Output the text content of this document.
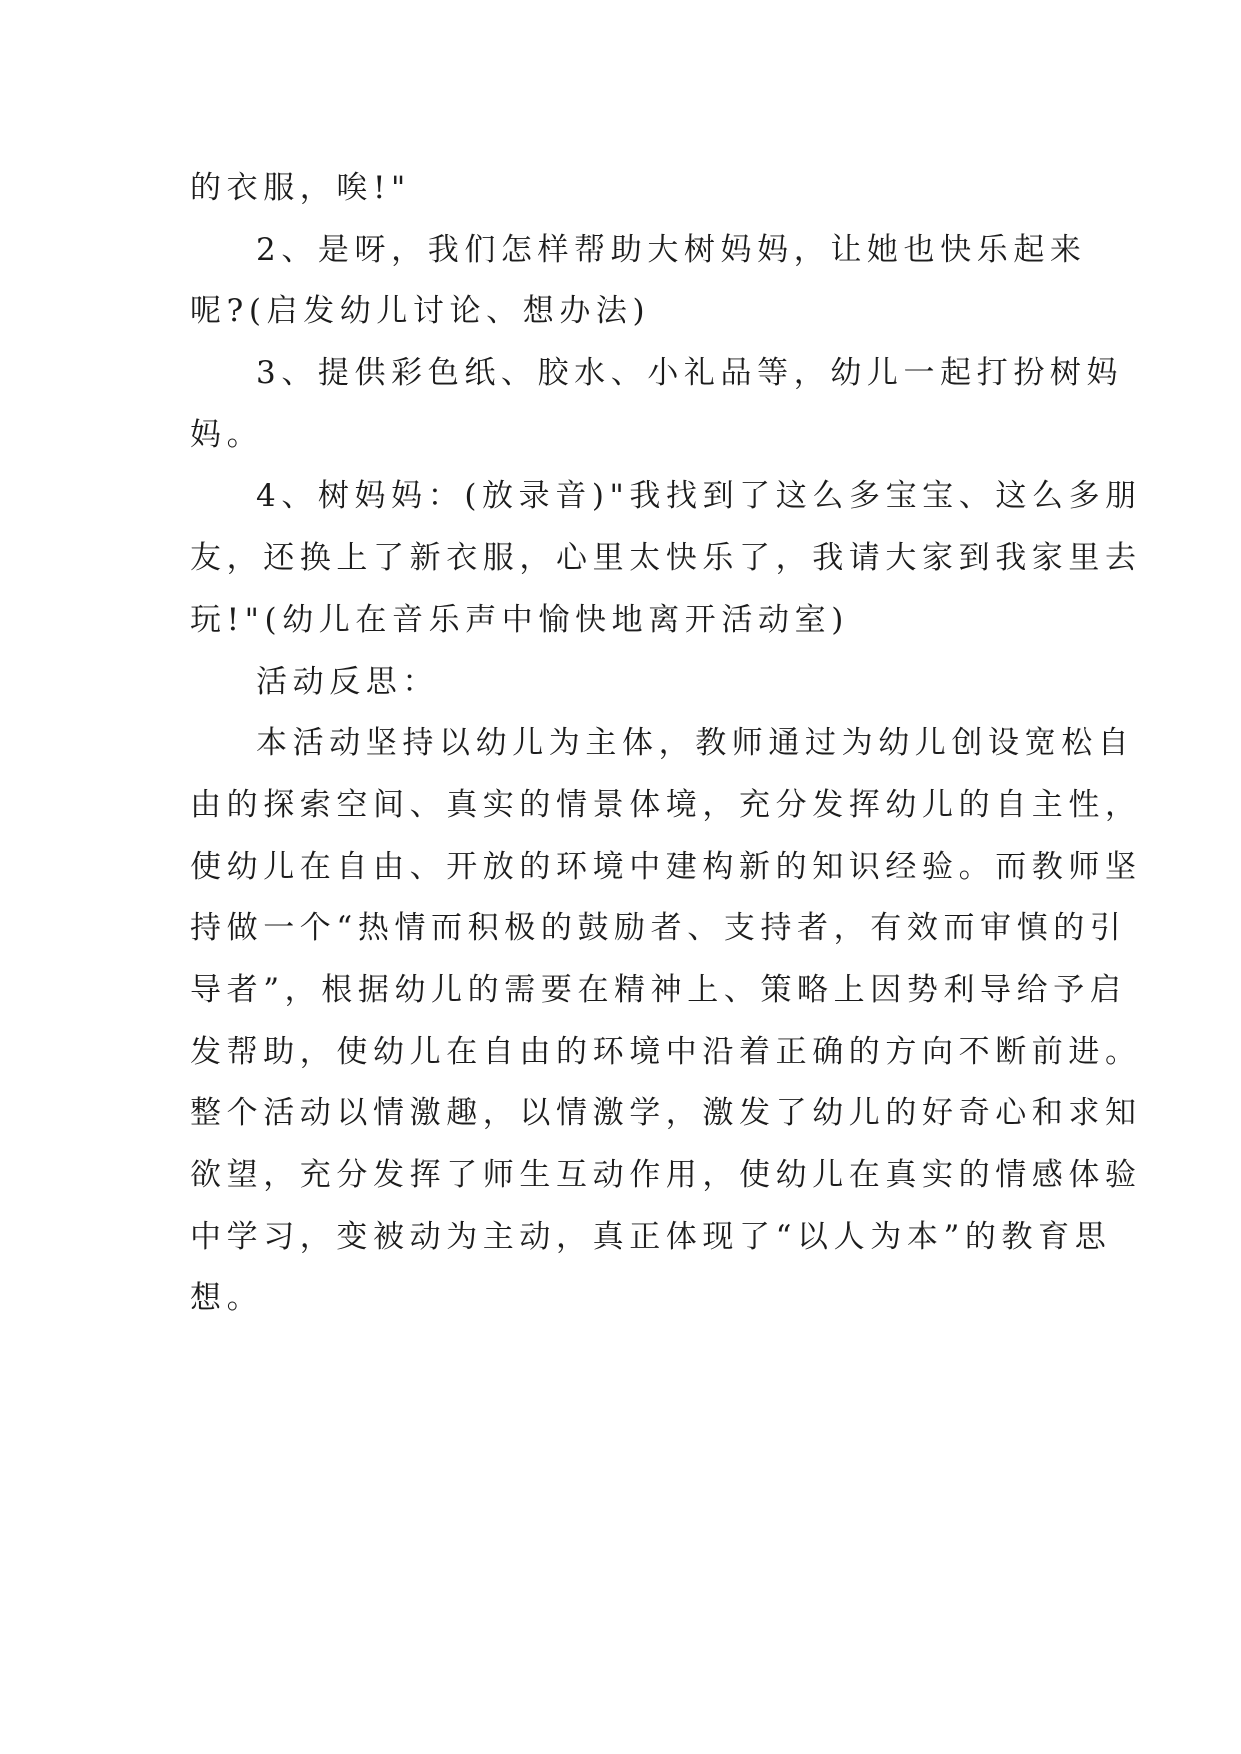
的衣服，唉!"
2、是呀，我们怎样帮助大树妈妈，让她也快乐起来
呢?(启发幼儿讨论、想办法)
3、提供彩色纸、胶水、小礼品等，幼儿一起打扮树妈
妈。
4、树妈妈：(放录音)"我找到了这么多宝宝、这么多朋
友，还换上了新衣服，心里太快乐了，我请大家到我家里去
玩!"(幼儿在音乐声中愉快地离开活动室)
活动反思：
本活动坚持以幼儿为主体，教师通过为幼儿创设宽松自
由的探索空间、真实的情景体境，充分发挥幼儿的自主性，
使幼儿在自由、开放的环境中建构新的知识经验。而教师坚
持做一个“热情而积极的鼓励者、支持者，有效而审慎的引
导者”，根据幼儿的需要在精神上、策略上因势利导给予启
发帮助，使幼儿在自由的环境中沿着正确的方向不断前进。
整个活动以情激趣，以情激学，激发了幼儿的好奇心和求知
欲望，充分发挥了师生互动作用，使幼儿在真实的情感体验
中学习，变被动为主动，真正体现了“以人为本”的教育思
想。
